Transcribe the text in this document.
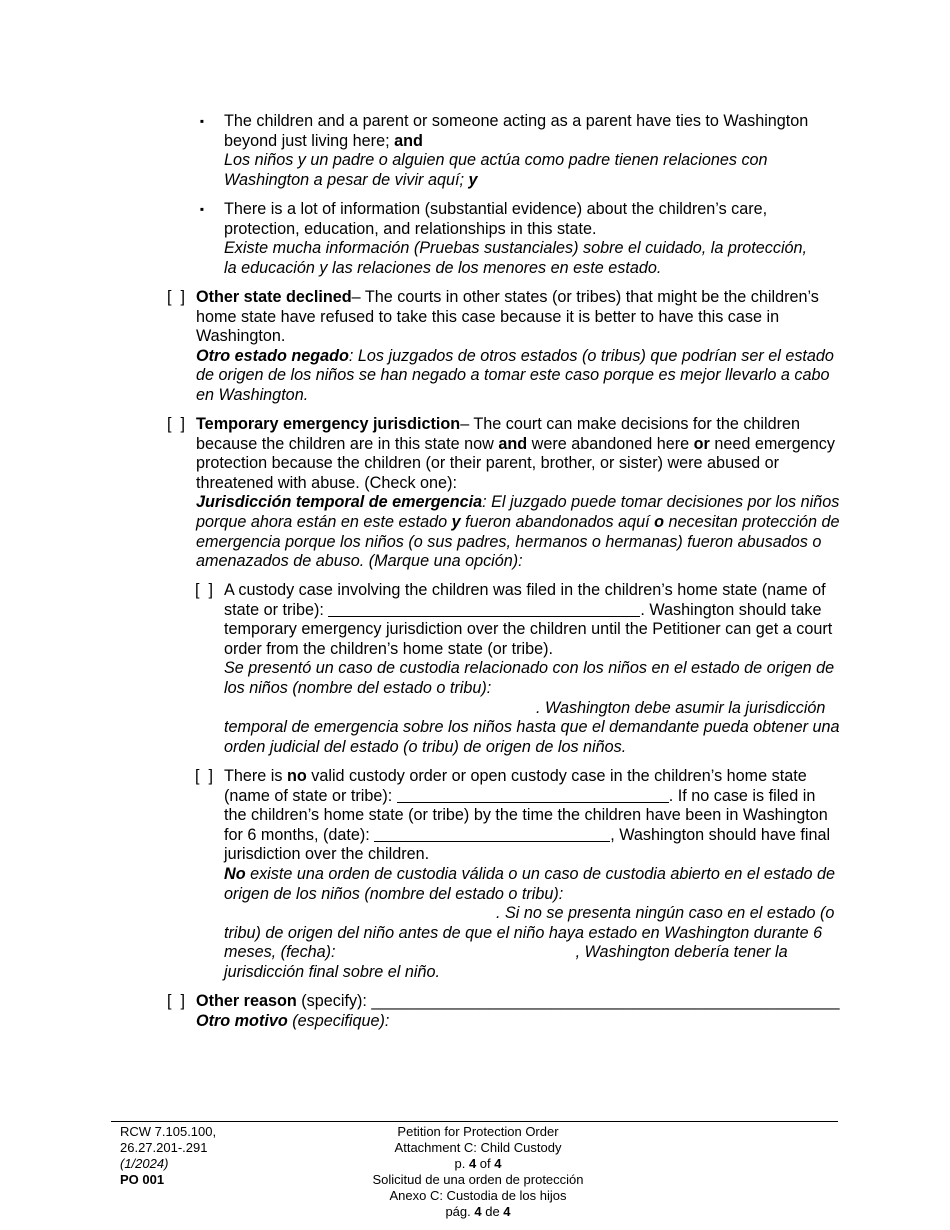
▪ The children and a parent or someone acting as a parent have ties to Washington beyond just living here; and

Los niños y un padre o alguien que actúa como padre tienen relaciones con Washington a pesar de vivir aquí; y

▪ There is a lot of information (substantial evidence) about the children’s care, protection, education, and relationships in this state.

Existe mucha información (Pruebas sustanciales) sobre el cuidado, la protección, la educación y las relaciones de los menores en este estado.

[  ] Other state declined– The courts in other states (or tribes) that might be the children’s home state have refused to take this case because it is better to have this case in Washington.

Otro estado negado: Los juzgados de otros estados (o tribus) que podrían ser el estado de origen de los niños se han negado a tomar este caso porque es mejor llevarlo a cabo en Washington.

[  ] Temporary emergency jurisdiction– The court can make decisions for the children because the children are in this state now and were abandoned here or need emergency protection because the children (or their parent, brother, or sister) were abused or threatened with abuse. (Check one):

Jurisdicción temporal de emergencia: El juzgado puede tomar decisiones por los niños porque ahora están en este estado y fueron abandonados aquí o necesitan protección de emergencia porque los niños (o sus padres, hermanos o hermanas) fueron abusados o amenazados de abuso. (Marque una opción):

[  ] A custody case involving the children was filed in the children’s home state (name of state or tribe):	. Washington should take temporary emergency jurisdiction over the children until the Petitioner can get a court order from the children’s home state (or tribe).

Se presentó un caso de custodia relacionado con los niños en el estado de origen de los niños (nombre del estado o tribu):
. Washington debe asumir la jurisdicción temporal de emergencia sobre los niños hasta que el demandante pueda obtener una orden judicial del estado (o tribu) de origen de los niños.

[  ] There is no valid custody order or open custody case in the children’s home state (name of state or tribe):	. If no case is filed in the children’s home state (or tribe) by the time the children have been in Washington for 6 months, (date):	, Washington should have final jurisdiction over the children.

No existe una orden de custodia válida o un caso de custodia abierto en el estado de origen de los niños (nombre del estado o tribu):
. Si no se presenta ningún caso en el estado (o tribu) de origen del niño antes de que el niño haya estado en Washington durante 6 meses, (fecha):	, Washington debería tener la jurisdicción final sobre el niño.

[  ] Other reason (specify): ____________________________________________________

Otro motivo (especifique):

RCW 7.105.100,
26.27.201-.291
(1/2024)
PO 001
Petition for Protection Order
Attachment C: Child Custody
p. 4 of 4
Solicitud de una orden de protección
Anexo C: Custodia de los hijos
pág. 4 de 4
